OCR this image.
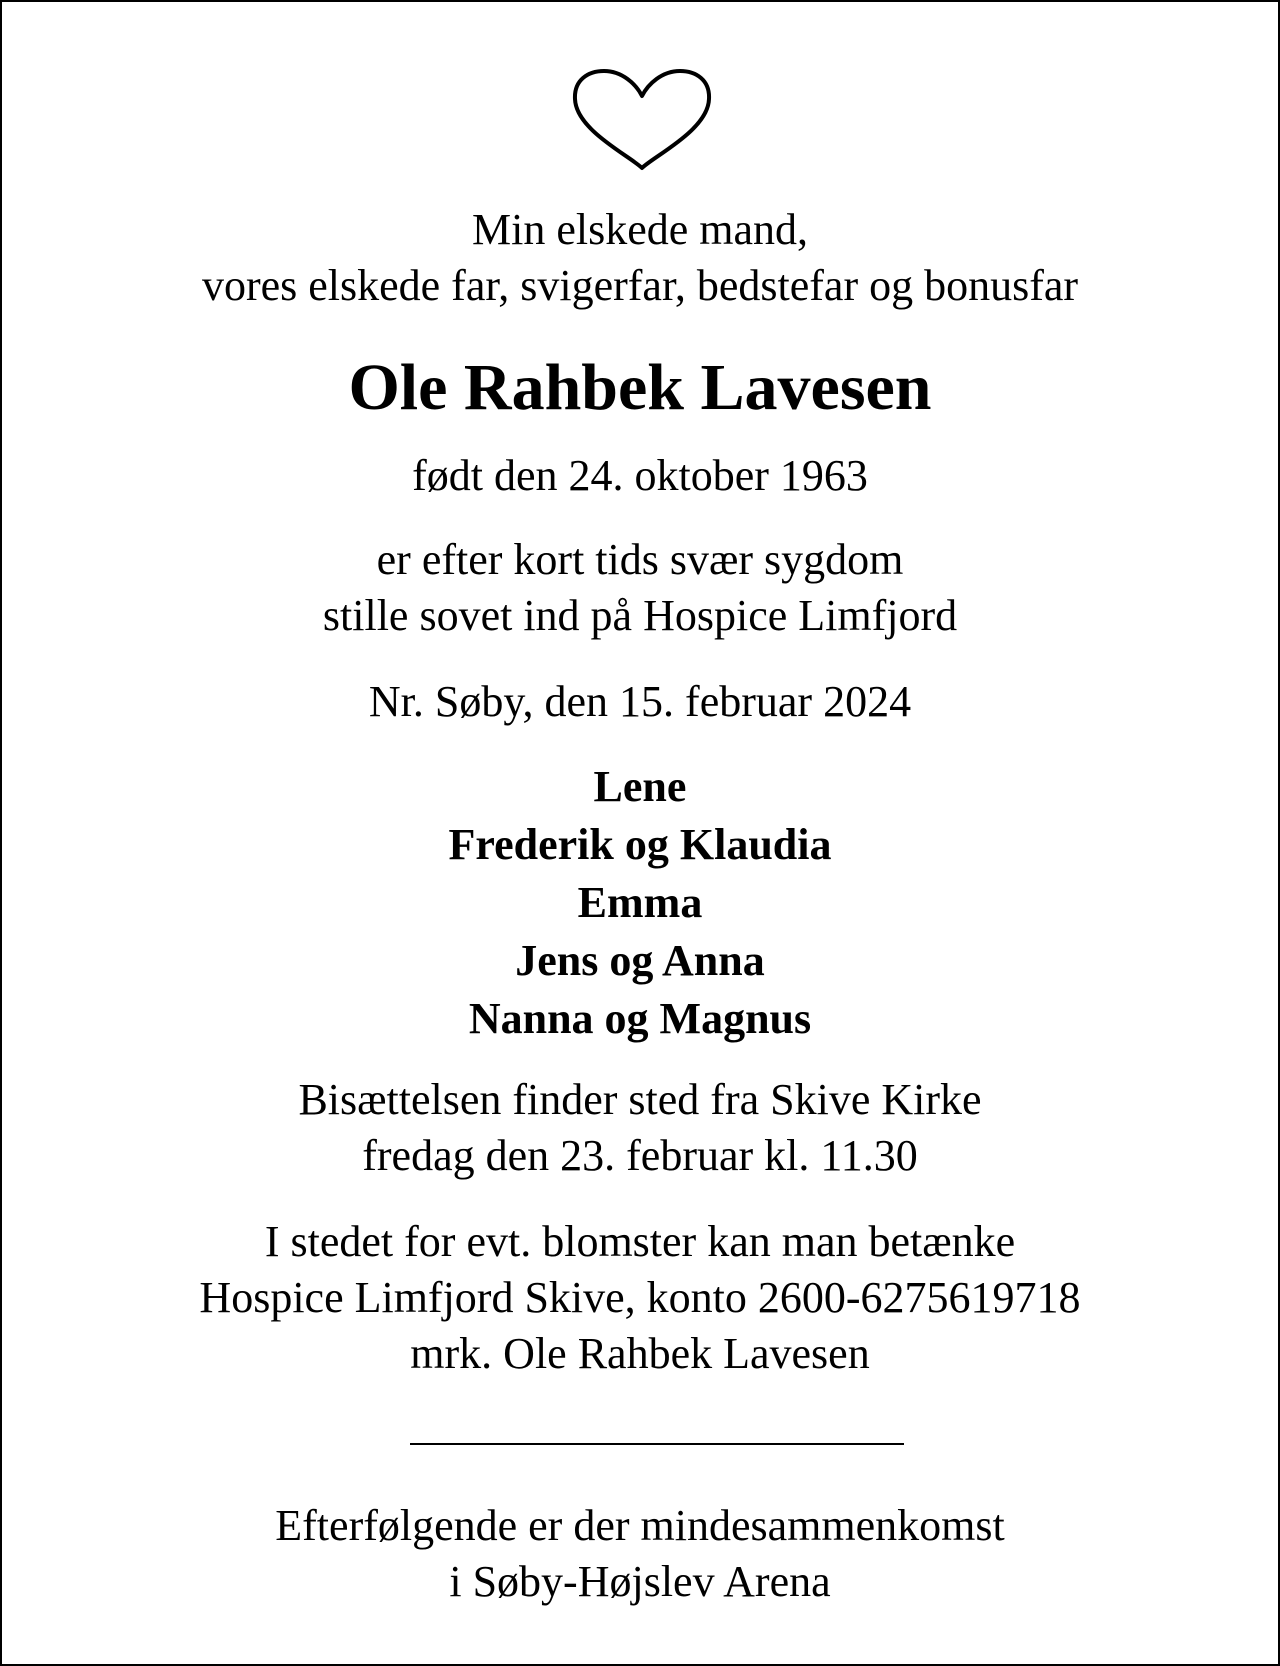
Min elskede mand,
vores elskede far, svigerfar, bedstefar og bonusfar
Ole Rahbek Lavesen
født den 24. oktober 1963
er efter kort tids svær sygdom
stille sovet ind på Hospice Limfjord
Nr. Søby, den 15. februar 2024
Lene
Frederik og Klaudia
Emma
Jens og Anna
Nanna og Magnus
Bisættelsen finder sted fra Skive Kirke
fredag den 23. februar kl. 11.30
I stedet for evt. blomster kan man betænke
Hospice Limfjord Skive, konto 2600-6275619718
mrk. Ole Rahbek Lavesen
Efterfølgende er der mindesammenkomst
i Søby-Højslev Arena
